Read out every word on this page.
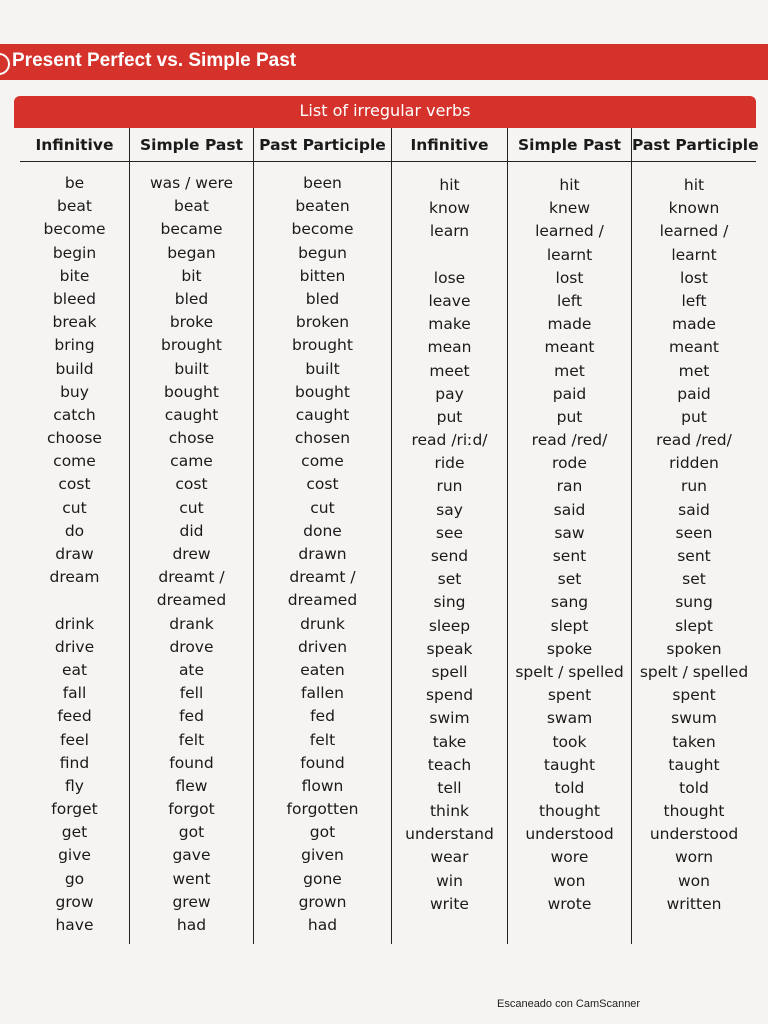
Present Perfect vs. Simple Past
List of irregular verbs
Infinitive
be
beat
become
begin
bite
bleed
break
bring
build
buy
catch
choose
come
cost
cut
do
draw
dream
drink
drive
eat
fall
feed
feel
find
fly
forget
get
give
go
grow
have
Simple Past
was / were
beat
became
began
bit
bled
broke
brought
built
bought
caught
chose
came
cost
cut
did
drew
dreamt /
dreamed
drank
drove
ate
fell
fed
felt
found
flew
forgot
got
gave
went
grew
had
Past Participle
been
beaten
become
begun
bitten
bled
broken
brought
built
bought
caught
chosen
come
cost
cut
done
drawn
dreamt /
dreamed
drunk
driven
eaten
fallen
fed
felt
found
flown
forgotten
got
given
gone
grown
had
Infinitive
hit
know
learn
lose
leave
make
mean
meet
pay
put
read /riːd/
ride
run
say
see
send
set
sing
sleep
speak
spell
spend
swim
take
teach
tell
think
understand
wear
win
write
Simple Past
hit
knew
learned /
learnt
lost
left
made
meant
met
paid
put
read /red/
rode
ran
said
saw
sent
set
sang
slept
spoke
spelt / spelled
spent
swam
took
taught
told
thought
understood
wore
won
wrote
Past Participle
hit
known
learned /
learnt
lost
left
made
meant
met
paid
put
read /red/
ridden
run
said
seen
sent
set
sung
slept
spoken
spelt / spelled
spent
swum
taken
taught
told
thought
understood
worn
won
written
Escaneado con CamScanner
